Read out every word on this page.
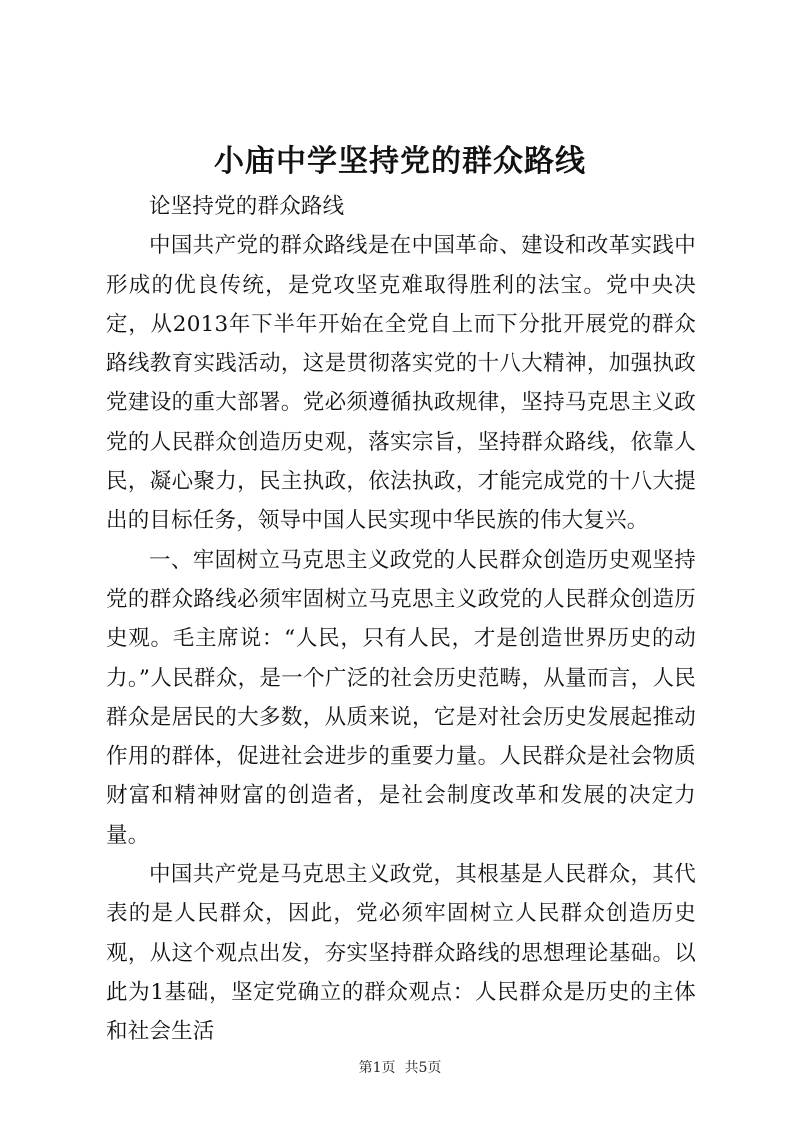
小庙中学坚持党的群众路线

论坚持党的群众路线

中国共产党的群众路线是在中国革命、建设和改革实践中形成的优良传统，是党攻坚克难取得胜利的法宝。党中央决定，从2013年下半年开始在全党自上而下分批开展党的群众路线教育实践活动，这是贯彻落实党的十八大精神，加强执政党建设的重大部署。党必须遵循执政规律，坚持马克思主义政党的人民群众创造历史观，落实宗旨，坚持群众路线，依靠人民，凝心聚力，民主执政，依法执政，才能完成党的十八大提出的目标任务，领导中国人民实现中华民族的伟大复兴。

一、牢固树立马克思主义政党的人民群众创造历史观坚持党的群众路线必须牢固树立马克思主义政党的人民群众创造历史观。毛主席说：“人民，只有人民，才是创造世界历史的动力。”人民群众，是一个广泛的社会历史范畴，从量而言，人民群众是居民的大多数，从质来说，它是对社会历史发展起推动作用的群体，促进社会进步的重要力量。人民群众是社会物质财富和精神财富的创造者，是社会制度改革和发展的决定力量。

中国共产党是马克思主义政党，其根基是人民群众，其代表的是人民群众，因此，党必须牢固树立人民群众创造历史观，从这个观点出发，夯实坚持群众路线的思想理论基础。以此为1基础，坚定党确立的群众观点：人民群众是历史的主体和社会生活

第1页 共5页
